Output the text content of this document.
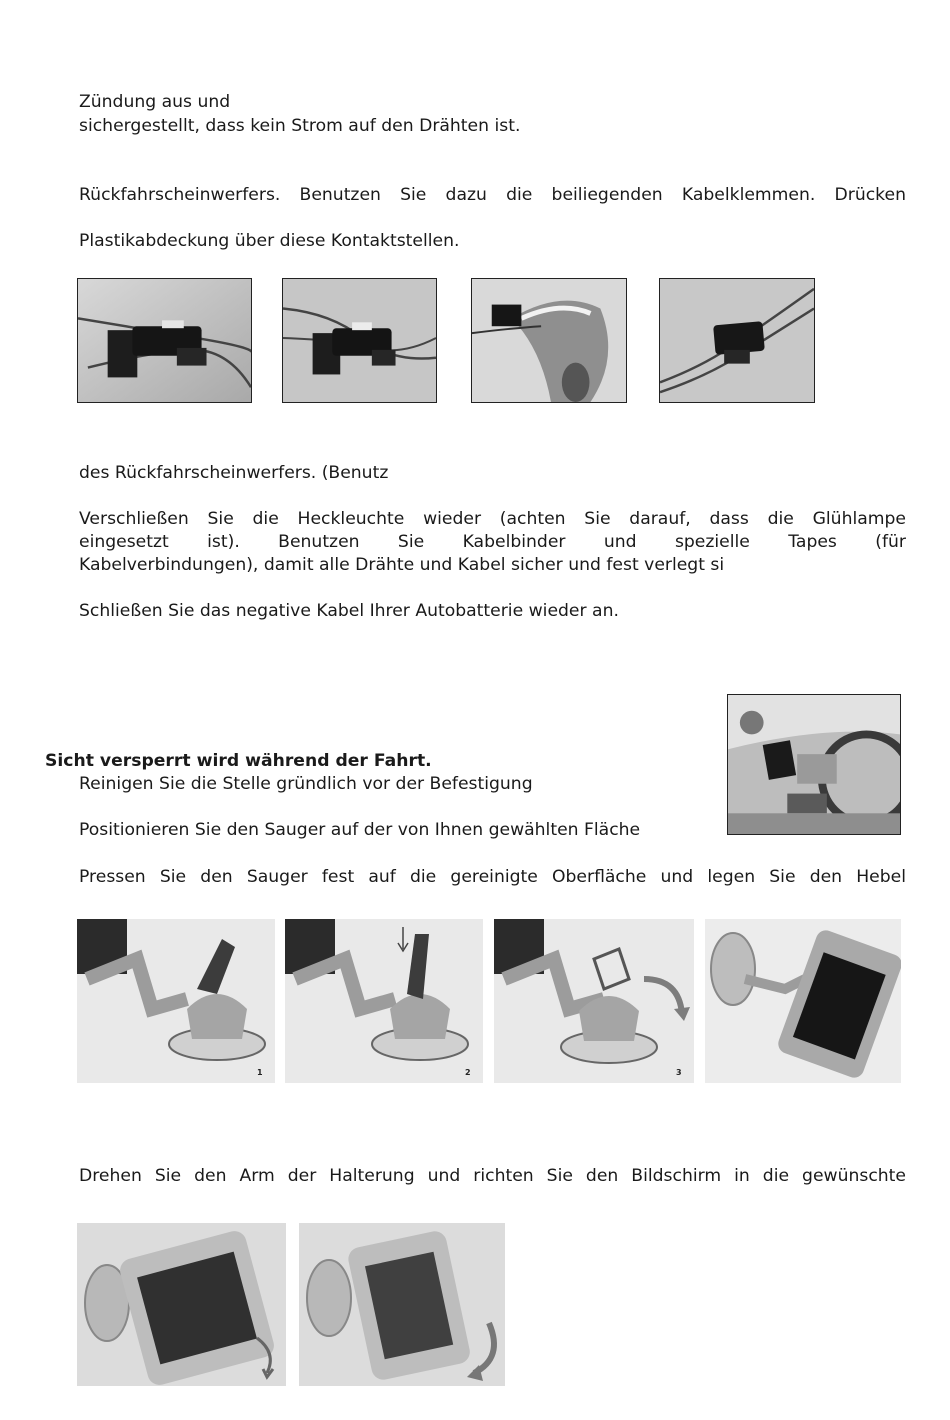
Zündung aus und

sichergestellt, dass kein Strom auf den Drähten ist.

Rückfahrscheinwerfers. Benutzen Sie dazu die beiliegenden Kabelklemmen. Drücken

Plastikabdeckung über diese Kontaktstellen.

des Rückfahrscheinwerfers. (Benutz

Verschließen Sie die Heckleuchte wieder (achten Sie darauf, dass die Glühlampe

eingesetzt ist). Benutzen Sie Kabelbinder und spezielle Tapes (für

Kabelverbindungen), damit alle Drähte und Kabel sicher und fest verlegt si

Schließen Sie das negative Kabel Ihrer Autobatterie wieder an.

Sicht versperrt wird während der Fahrt.

Reinigen Sie die Stelle gründlich vor der Befestigung

Positionieren Sie den Sauger auf der von Ihnen gewählten Fläche

Pressen Sie den Sauger fest auf die gereinigte Oberfläche und legen Sie den Hebel

1	2	3

Drehen Sie den Arm der Halterung und richten Sie den Bildschirm in die gewünschte
